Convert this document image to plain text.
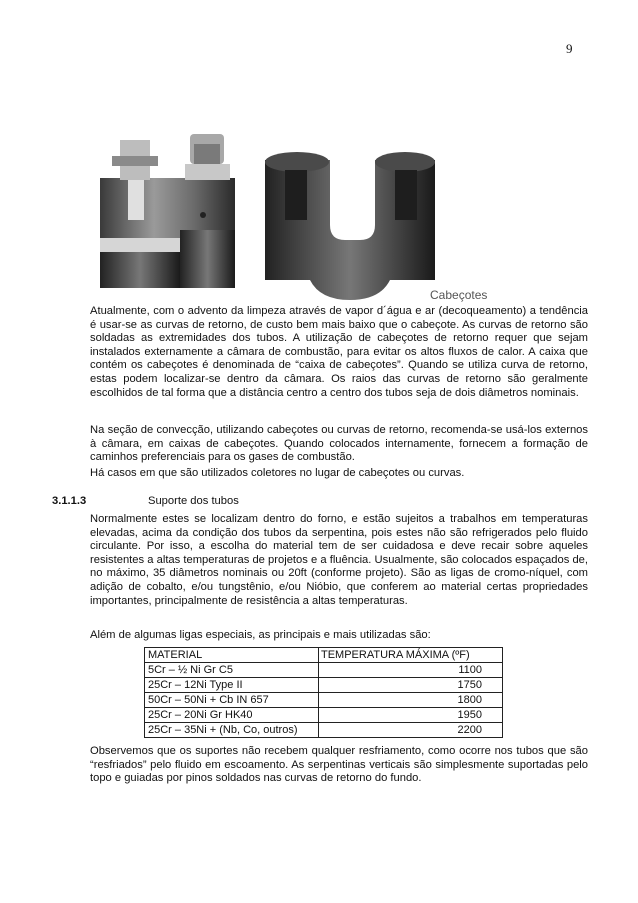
9
Cabeçotes

Atualmente, com o advento da limpeza através de vapor d´água e ar (decoqueamento) a tendência é usar-se as curvas de retorno, de custo bem mais baixo que o cabeçote. As curvas de retorno são soldadas as extremidades dos tubos. A utilização de cabeçotes de retorno requer que sejam instalados externamente a câmara de combustão, para evitar os altos fluxos de calor. A caixa que contém os cabeçotes é denominada de “caixa de cabeçotes”. Quando se utiliza curva de retorno, estas podem localizar-se dentro da câmara. Os raios das curvas de retorno são geralmente escolhidos de tal forma que a distância centro a centro dos tubos seja de dois diâmetros nominais.

Na seção de convecção, utilizando cabeçotes ou curvas de retorno, recomenda-se usá-los externos à câmara, em caixas de cabeçotes. Quando colocados internamente, fornecem a formação de caminhos preferenciais para os gases de combustão.

Há casos em que são utilizados coletores no lugar de cabeçotes ou curvas.

3.1.1.3	Suporte dos tubos

Normalmente estes se localizam dentro do forno, e estão sujeitos a trabalhos em temperaturas elevadas, acima da condição dos tubos da serpentina, pois estes não são refrigerados pelo fluido circulante. Por isso, a escolha do material tem de ser cuidadosa e deve recair sobre aqueles resistentes a altas temperaturas de projetos e a fluência. Usualmente, são colocados espaçados de, no máximo, 35 diâmetros nominais ou 20ft (conforme projeto). São as ligas de cromo-níquel, com adição de cobalto, e/ou tungstênio, e/ou Nióbio, que conferem ao material certas propriedades importantes, principalmente de resistência a altas temperaturas.

Além de algumas ligas especiais, as principais e mais utilizadas são:

MATERIAL	TEMPERATURA MÁXIMA (ºF)
5Cr – ½ Ni Gr C5	1100
25Cr – 12Ni Type II	1750
50Cr – 50Ni + Cb IN 657	1800
25Cr – 20Ni Gr HK40	1950
25Cr – 35Ni + (Nb, Co, outros)	2200

Observemos que os suportes não recebem qualquer resfriamento, como ocorre nos tubos que são “resfriados” pelo fluido em escoamento. As serpentinas verticais são simplesmente suportadas pelo topo e guiadas por pinos soldados nas curvas de retorno do fundo.
